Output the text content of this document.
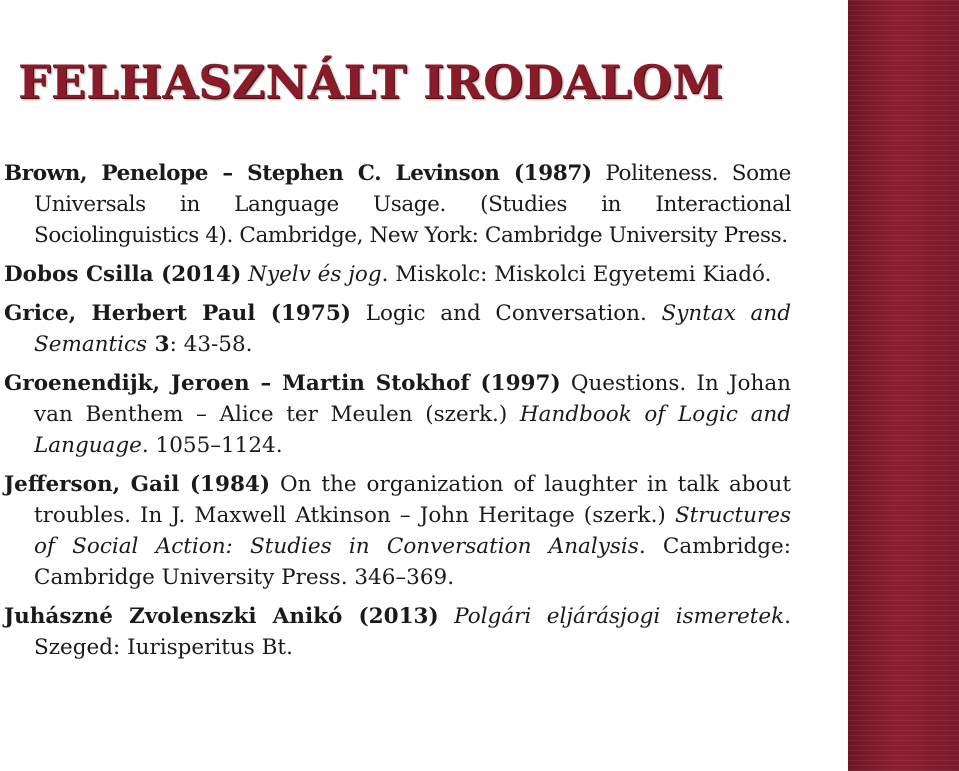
FELHASZNÁLT IRODALOM

Brown, Penelope – Stephen C. Levinson (1987) Politeness. Some Universals in Language Usage. (Studies in Interactional Sociolinguistics 4). Cambridge, New York: Cambridge University Press.

Dobos Csilla (2014) Nyelv és jog. Miskolc: Miskolci Egyetemi Kiadó.

Grice, Herbert Paul (1975) Logic and Conversation. Syntax and Semantics 3: 43-58.

Groenendijk, Jeroen – Martin Stokhof (1997) Questions. In Johan van Benthem – Alice ter Meulen (szerk.) Handbook of Logic and Language. 1055–1124.

Jefferson, Gail (1984) On the organization of laughter in talk about troubles. In J. Maxwell Atkinson – John Heritage (szerk.) Structures of Social Action: Studies in Conversation Analysis. Cambridge: Cambridge University Press. 346–369.

Juhászné Zvolenszki Anikó (2013) Polgári eljárásjogi ismeretek. Szeged: Iurisperitus Bt.
